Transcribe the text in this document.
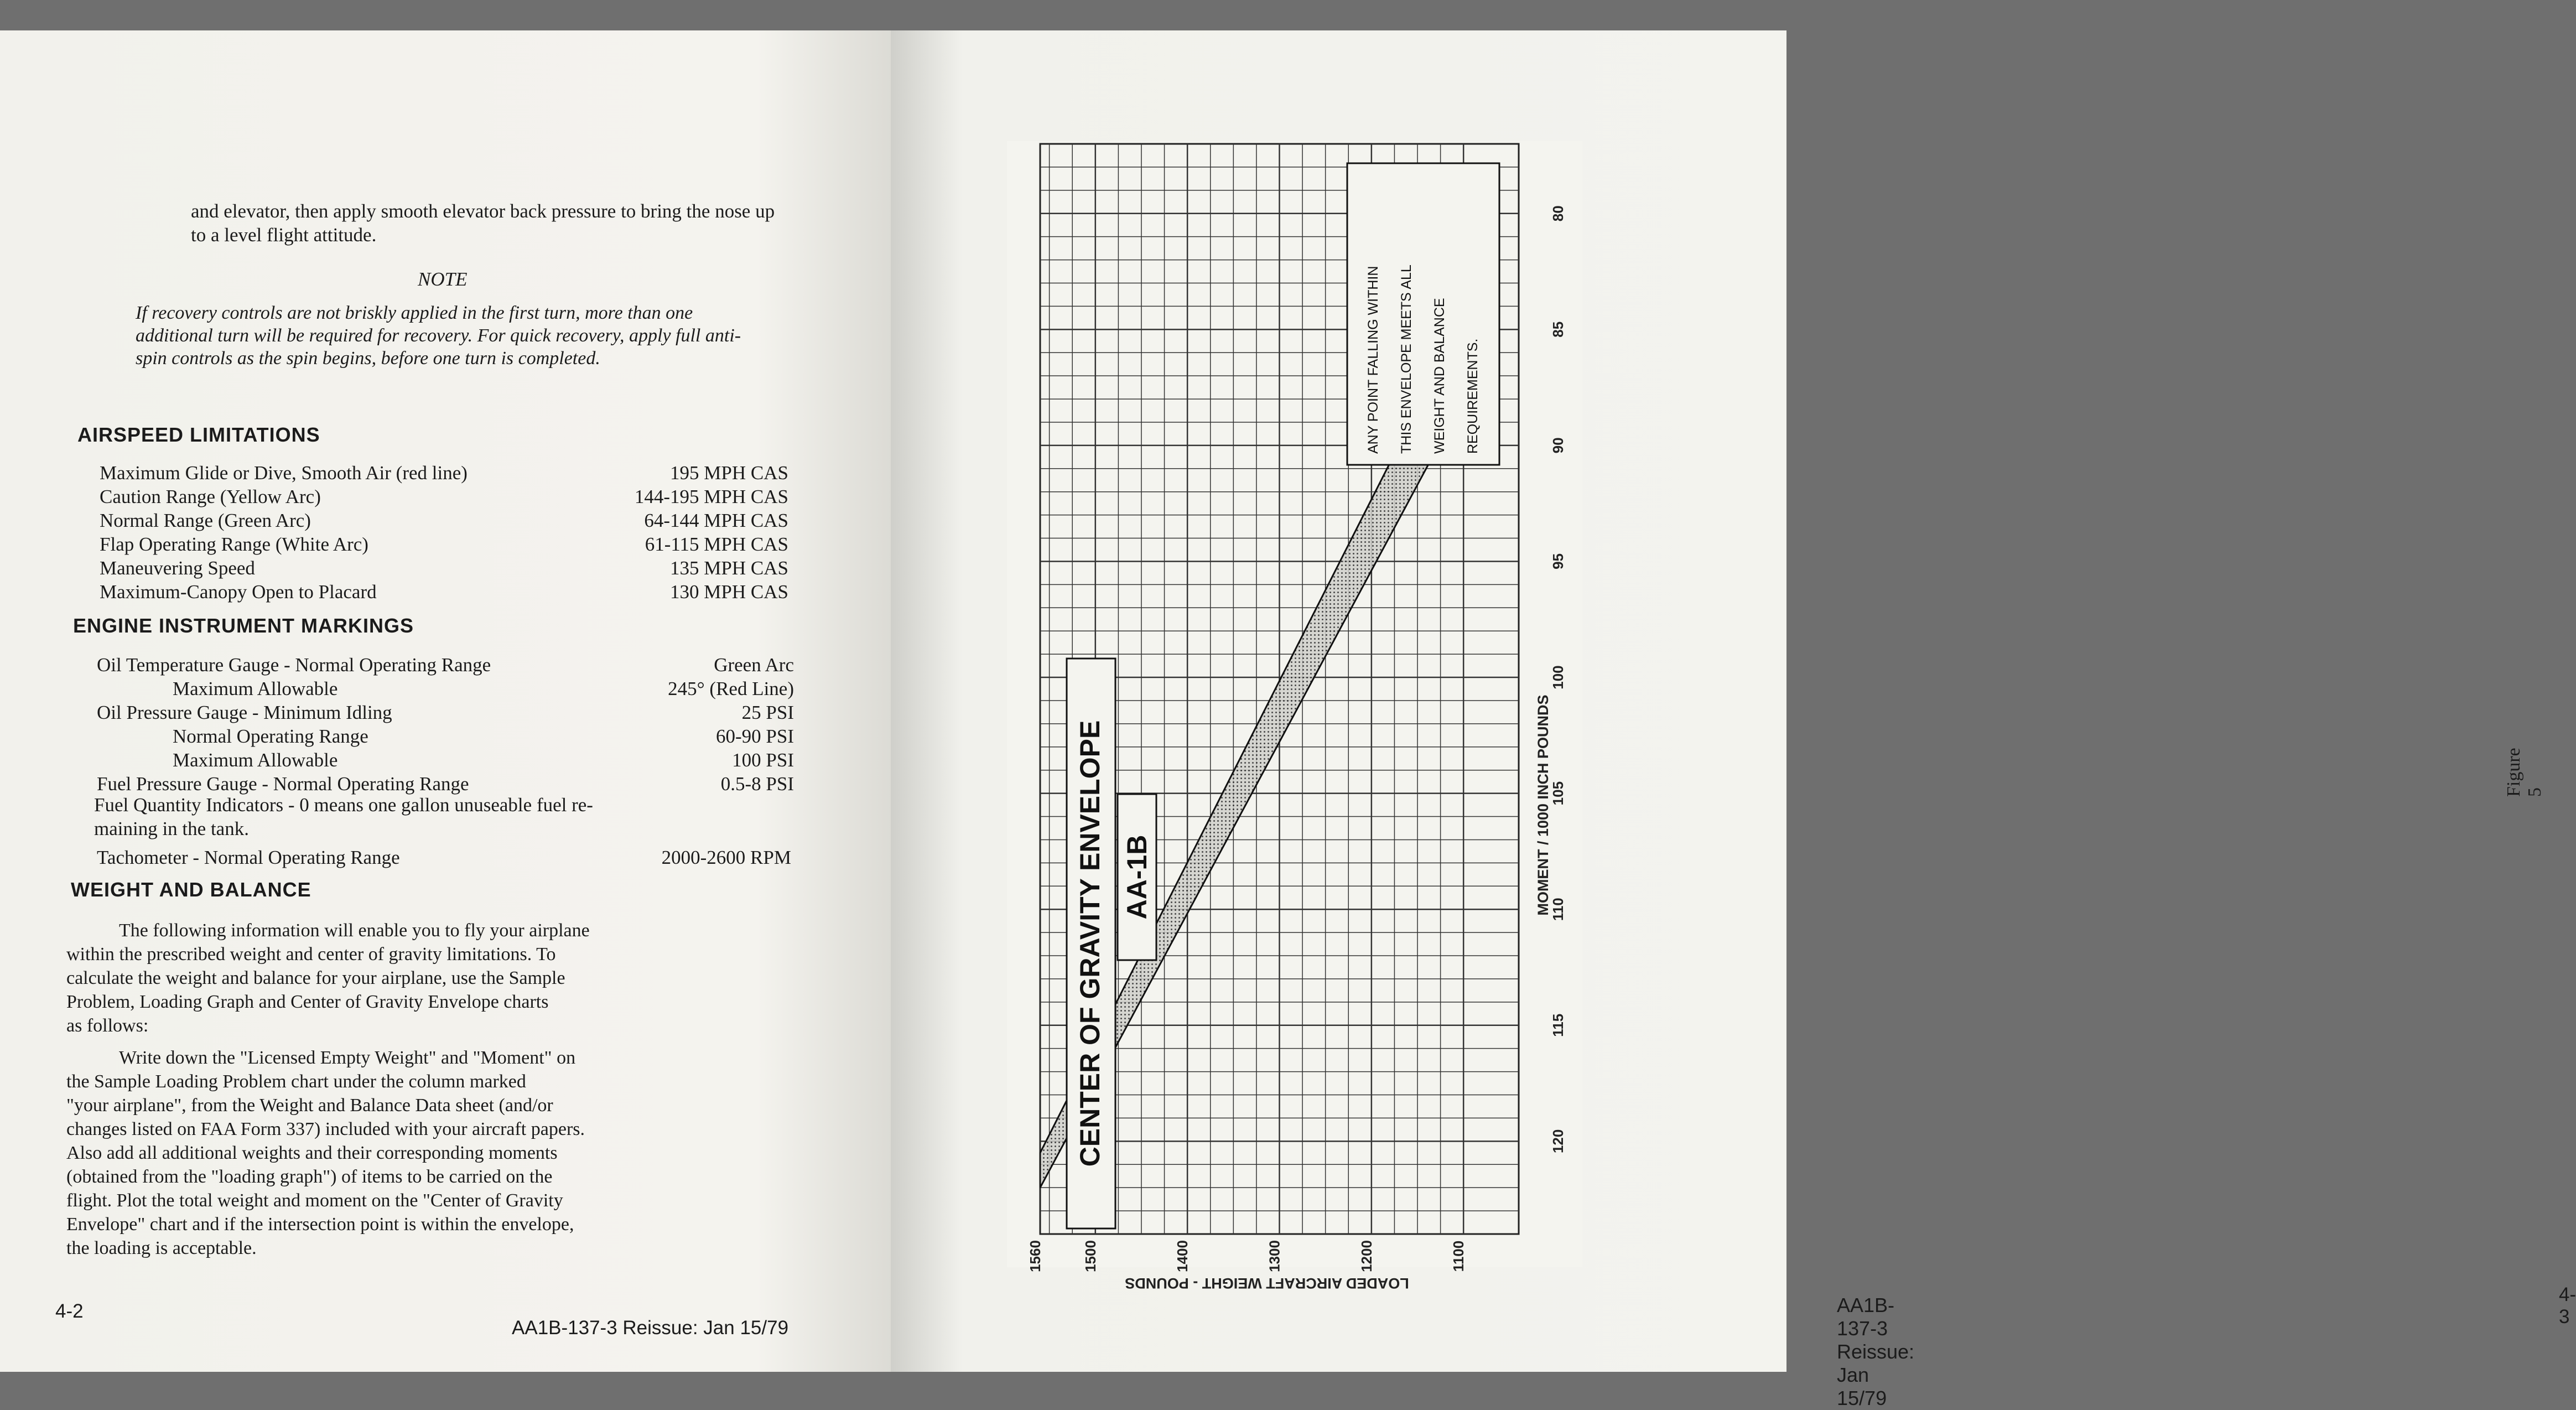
and elevator, then apply smooth elevator back pressure to bring the nose up to a level flight attitude.
NOTE
If recovery controls are not briskly applied in the first turn, more than one additional turn will be required for recovery. For quick recovery, apply full anti-spin controls as the spin begins, before one turn is completed.
AIRSPEED LIMITATIONS
ENGINE INSTRUMENT MARKINGS
Fuel Quantity Indicators - 0 means one gallon unuseable fuel re-
maining in the tank.
Tachometer - Normal Operating Range	2000-2600 RPM
WEIGHT AND BALANCE
4-2
AA1B-137-3 Reissue: Jan 15/79
Maximum Glide or Dive, Smooth Air (red line)	195 MPH CAS
Caution Range (Yellow Arc)	144-195 MPH CAS
Normal Range (Green Arc)	64-144 MPH CAS
Flap Operating Range (White Arc)	61-115 MPH CAS
Maneuvering Speed	135 MPH CAS
Maximum-Canopy Open to Placard	130 MPH CAS
Oil Temperature Gauge - Normal Operating Range	Green Arc
Maximum Allowable	245° (Red Line)
Oil Pressure Gauge - Minimum Idling	25 PSI
Normal Operating Range	60-90 PSI
Maximum Allowable	100 PSI
Fuel Pressure Gauge - Normal Operating Range	0.5-8 PSI
The following information will enable you to fly your airplane
within the prescribed weight and center of gravity limitations. To
calculate the weight and balance for your airplane, use the Sample
Problem, Loading Graph and Center of Gravity Envelope charts
as follows:
Write down the "Licensed Empty Weight" and "Moment" on
the Sample Loading Problem chart under the column marked
"your airplane", from the Weight and Balance Data sheet (and/or
changes listed on FAA Form 337) included with your aircraft papers.
Also add all additional weights and their corresponding moments
(obtained from the "loading graph") of items to be carried on the
flight. Plot the total weight and moment on the "Center of Gravity
Envelope" chart and if the intersection point is within the envelope,
the loading is acceptable.
Figure 5
AA1B-137-3 Reissue: Jan 15/79
4-3
80
85
90
95
100
105
110
115
120
1100
1200
1300
1400
1500
1560
MOMENT / 1000 INCH POUNDS
LOADED AIRCRAFT WEIGHT - POUNDS
CENTER OF GRAVITY ENVELOPE AA-1B
ANY POINT FALLING WITHIN THIS ENVELOPE MEETS ALL WEIGHT AND BALANCE REQUIREMENTS.
